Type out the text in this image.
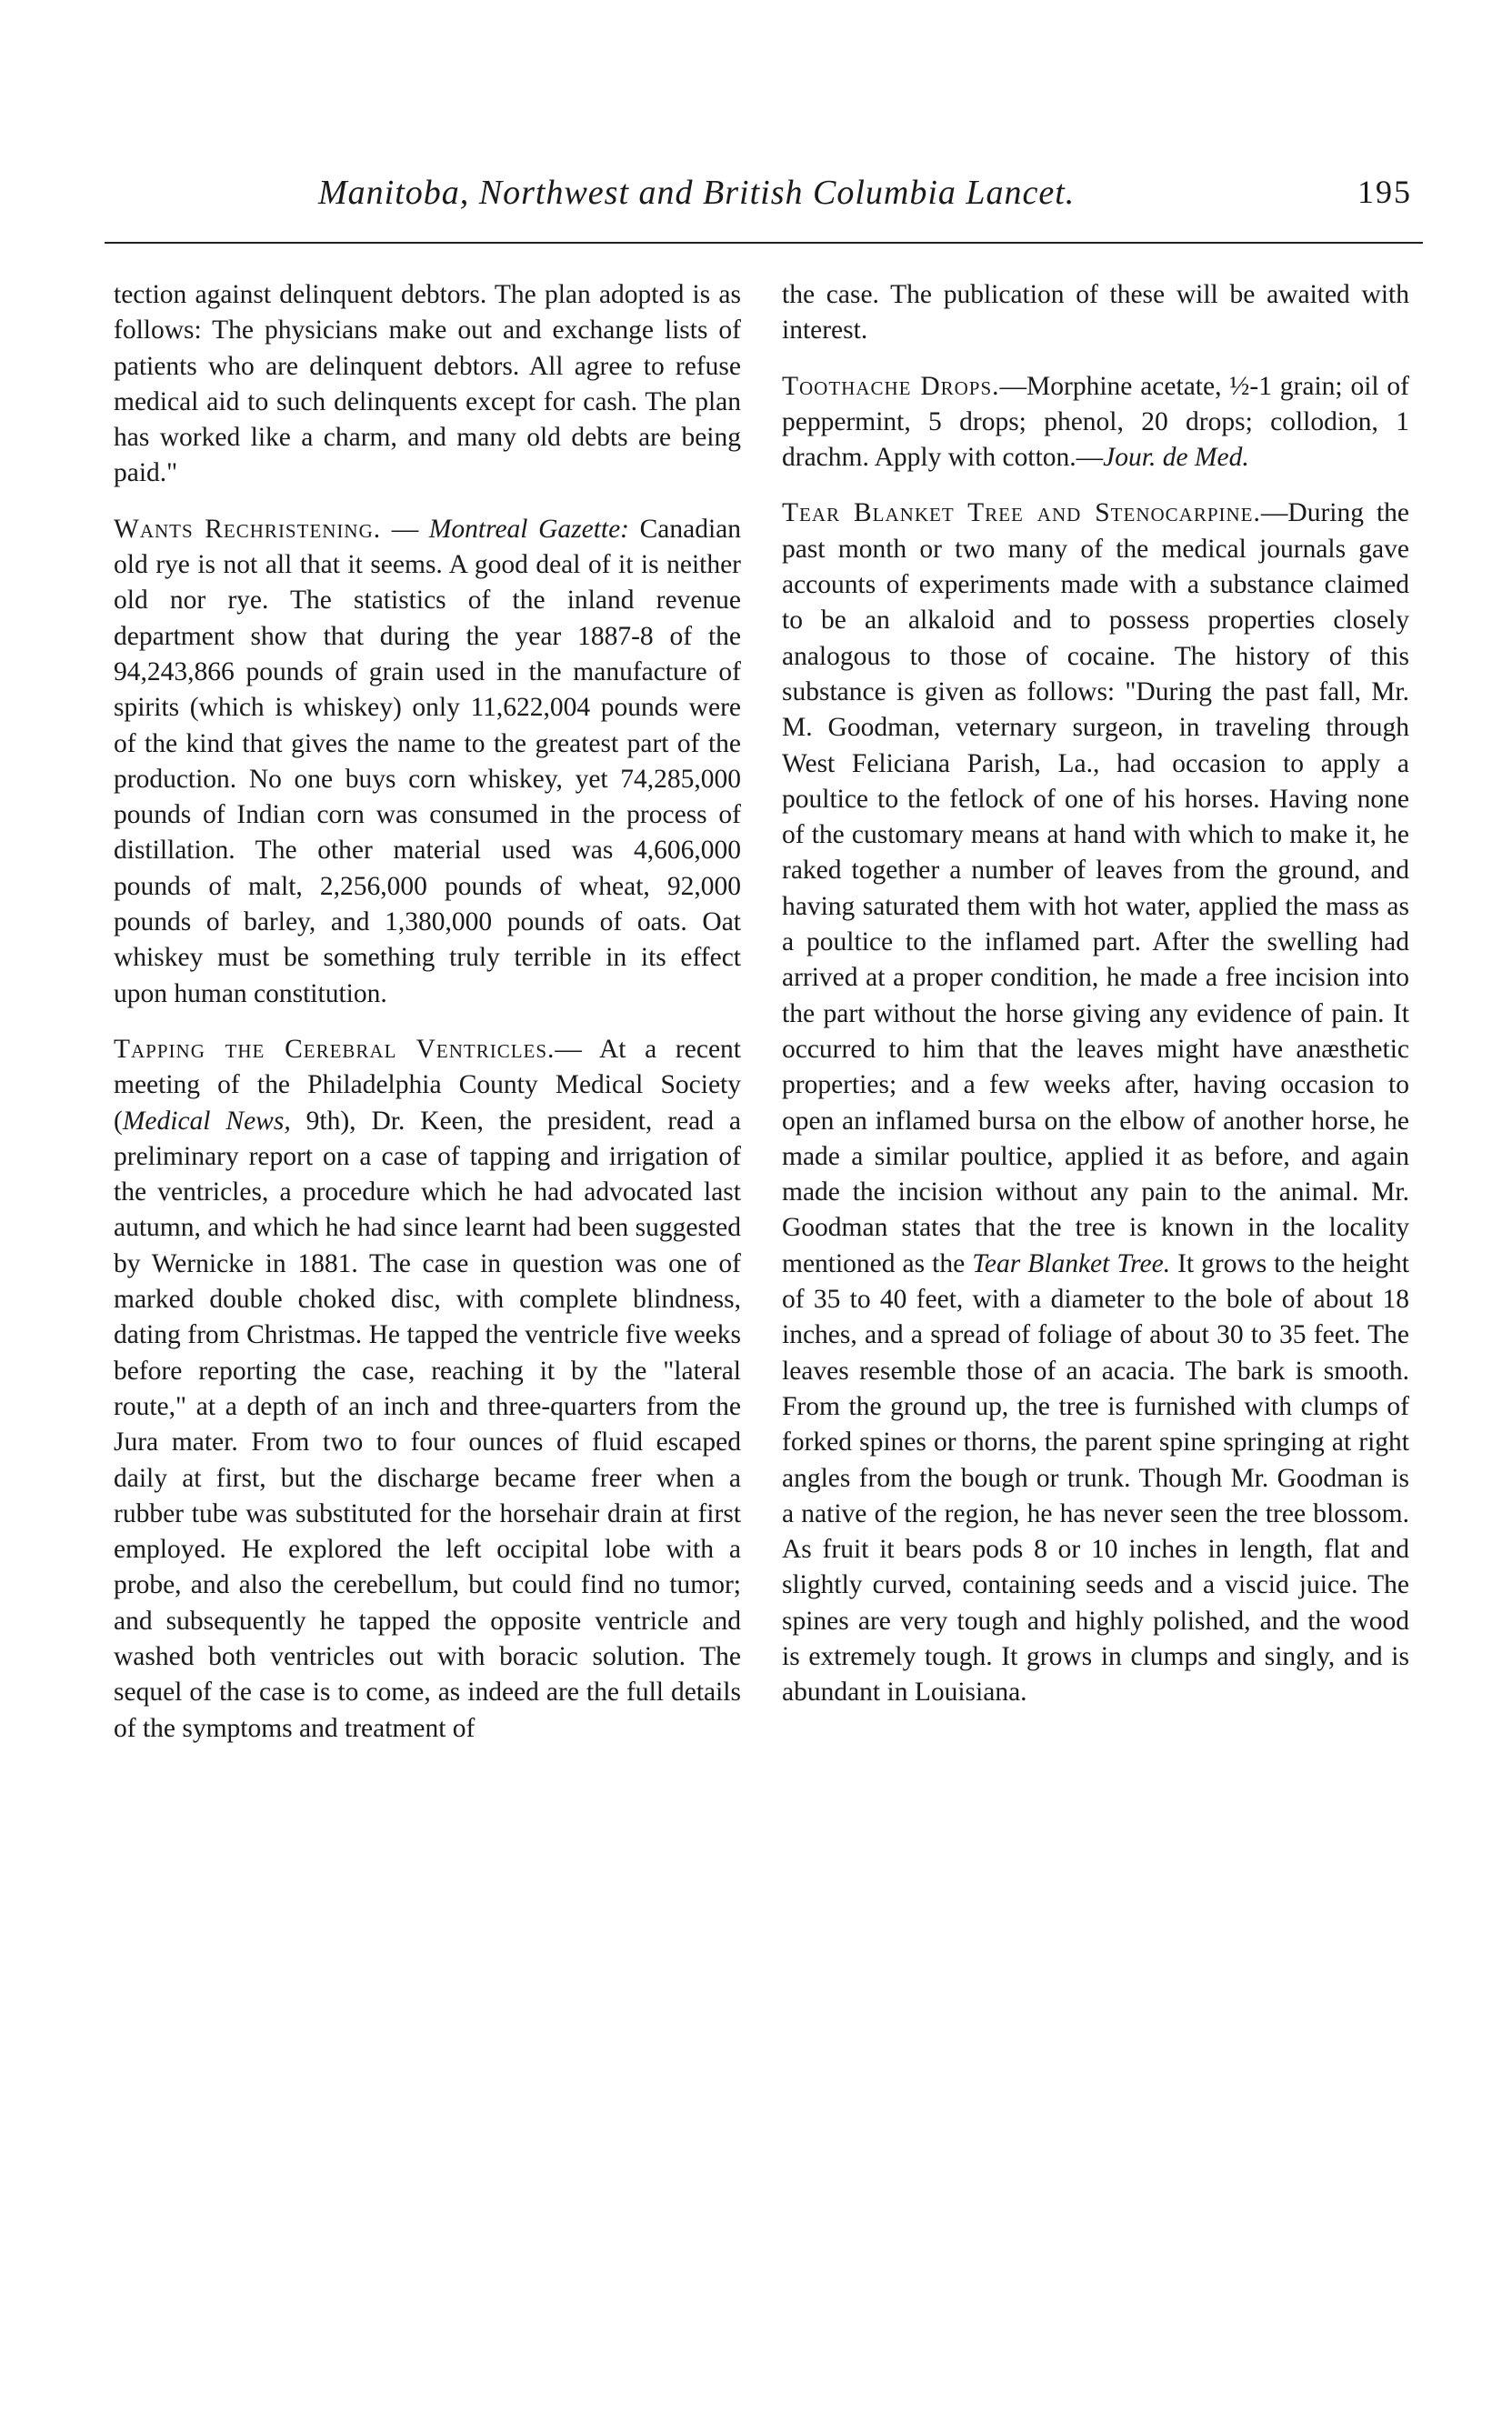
Manitoba, Northwest and British Columbia Lancet.	195

tection against delinquent debtors. The plan adopted is as follows: The physicians make out and exchange lists of patients who are delinquent debtors. All agree to refuse medical aid to such delinquents except for cash. The plan has worked like a charm, and many old debts are being paid."

Wants Rechristening. — Montreal Gazette: Canadian old rye is not all that it seems. A good deal of it is neither old nor rye. The statistics of the inland revenue department show that during the year 1887-8 of the 94,243,866 pounds of grain used in the manufacture of spirits (which is whiskey) only 11,622,004 pounds were of the kind that gives the name to the greatest part of the production. No one buys corn whiskey, yet 74,285,000 pounds of Indian corn was consumed in the process of distillation. The other material used was 4,606,000 pounds of malt, 2,256,000 pounds of wheat, 92,000 pounds of barley, and 1,380,000 pounds of oats. Oat whiskey must be something truly terrible in its effect upon human constitution.

Tapping the Cerebral Ventricles.— At a recent meeting of the Philadelphia County Medical Society (Medical News, 9th), Dr. Keen, the president, read a preliminary report on a case of tapping and irrigation of the ventricles, a procedure which he had advocated last autumn, and which he had since learnt had been suggested by Wernicke in 1881. The case in question was one of marked double choked disc, with complete blindness, dating from Christmas. He tapped the ventricle five weeks before reporting the case, reaching it by the "lateral route," at a depth of an inch and three-quarters from the Jura mater. From two to four ounces of fluid escaped daily at first, but the discharge became freer when a rubber tube was substituted for the horsehair drain at first employed. He explored the left occipital lobe with a probe, and also the cerebellum, but could find no tumor; and subsequently he tapped the opposite ventricle and washed both ventricles out with boracic solution. The sequel of the case is to come, as indeed are the full details of the symptoms and treatment of

the case. The publication of these will be awaited with interest.

Toothache Drops.—Morphine acetate, ½-1 grain; oil of peppermint, 5 drops; phenol, 20 drops; collodion, 1 drachm. Apply with cotton.—Jour. de Med.

Tear Blanket Tree and Stenocarpine.—During the past month or two many of the medical journals gave accounts of experiments made with a substance claimed to be an alkaloid and to possess properties closely analogous to those of cocaine. The history of this substance is given as follows: "During the past fall, Mr. M. Goodman, veternary surgeon, in traveling through West Feliciana Parish, La., had occasion to apply a poultice to the fetlock of one of his horses. Having none of the customary means at hand with which to make it, he raked together a number of leaves from the ground, and having saturated them with hot water, applied the mass as a poultice to the inflamed part. After the swelling had arrived at a proper condition, he made a free incision into the part without the horse giving any evidence of pain. It occurred to him that the leaves might have anæsthetic properties; and a few weeks after, having occasion to open an inflamed bursa on the elbow of another horse, he made a similar poultice, applied it as before, and again made the incision without any pain to the animal. Mr. Goodman states that the tree is known in the locality mentioned as the Tear Blanket Tree. It grows to the height of 35 to 40 feet, with a diameter to the bole of about 18 inches, and a spread of foliage of about 30 to 35 feet. The leaves resemble those of an acacia. The bark is smooth. From the ground up, the tree is furnished with clumps of forked spines or thorns, the parent spine springing at right angles from the bough or trunk. Though Mr. Goodman is a native of the region, he has never seen the tree blossom. As fruit it bears pods 8 or 10 inches in length, flat and slightly curved, containing seeds and a viscid juice. The spines are very tough and highly polished, and the wood is extremely tough. It grows in clumps and singly, and is abundant in Louisiana.
